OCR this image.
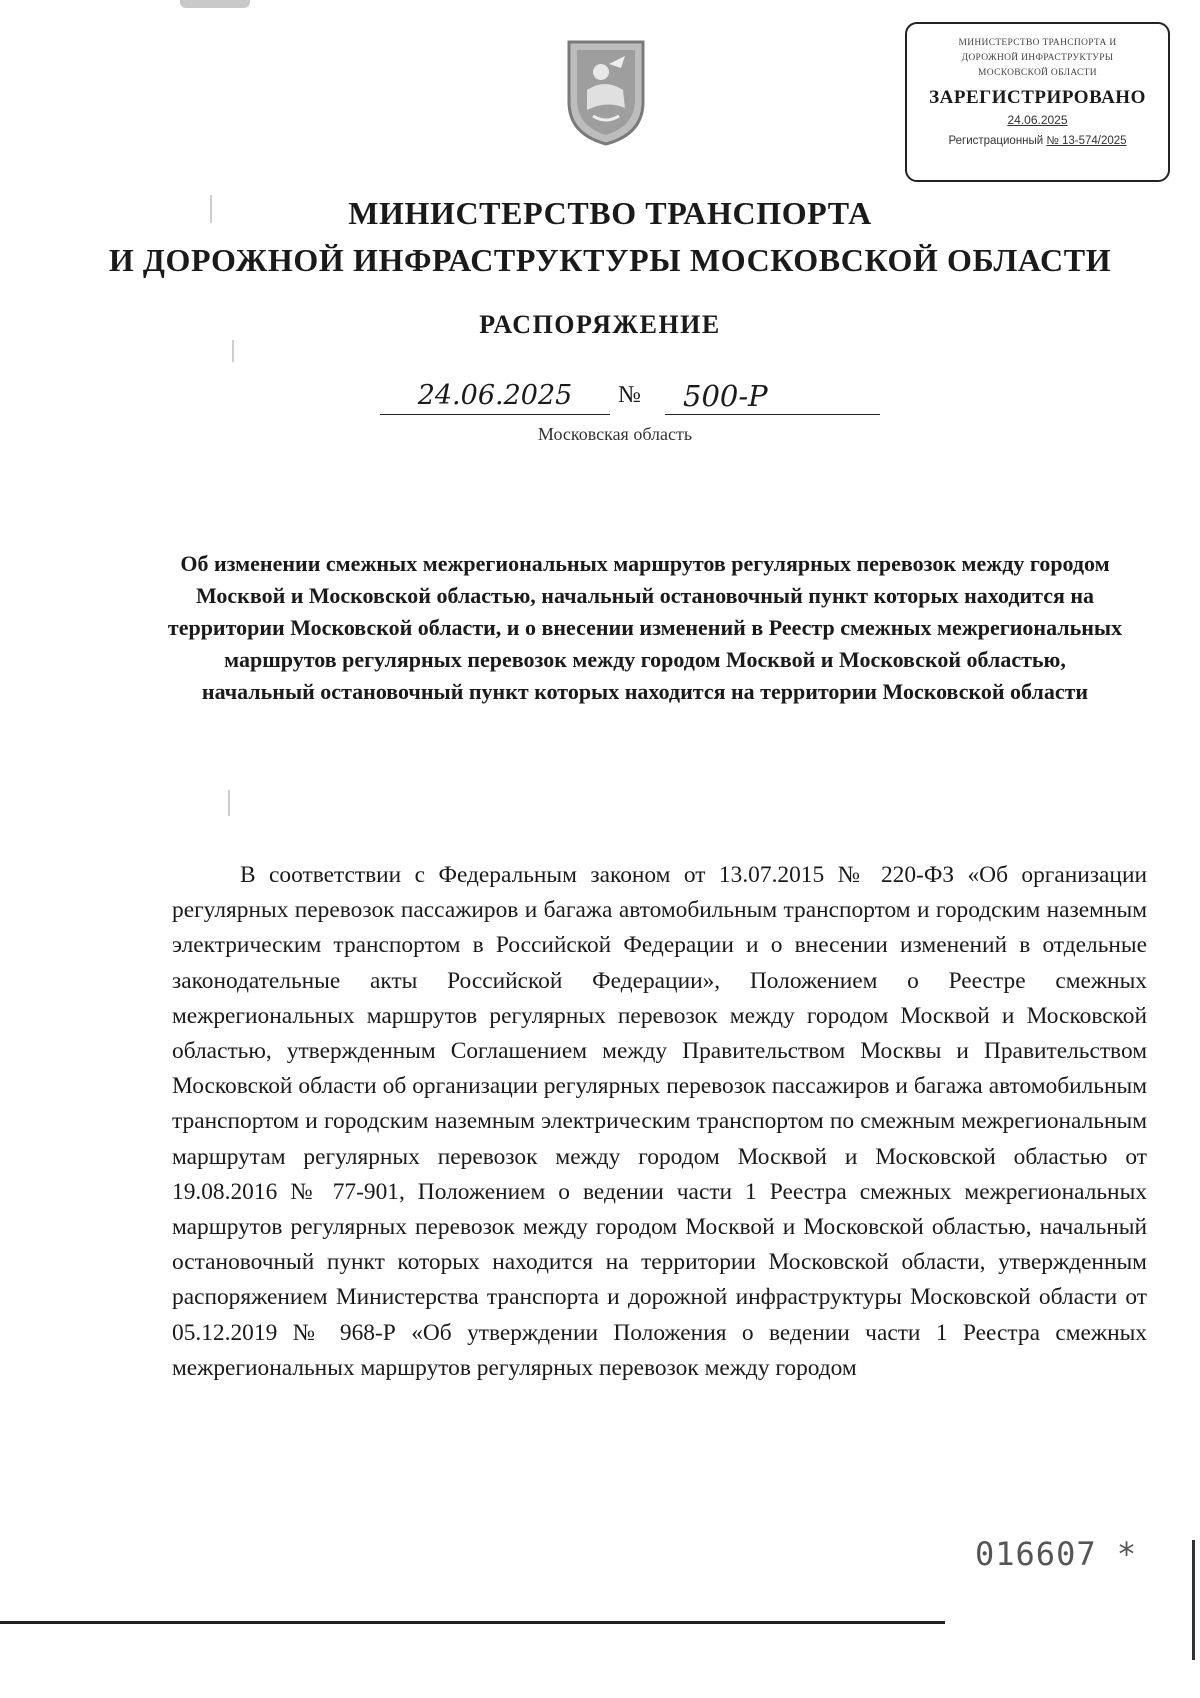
МИНИСТЕРСТВО ТРАНСПОРТА И
ДОРОЖНОЙ ИНФРАСТРУКТУРЫ
МОСКОВСКОЙ ОБЛАСТИ
ЗАРЕГИСТРИРОВАНО
24.06.2025
Регистрационный № 13-574/2025
МИНИСТЕРСТВО ТРАНСПОРТА
И ДОРОЖНОЙ ИНФРАСТРУКТУРЫ МОСКОВСКОЙ ОБЛАСТИ
РАСПОРЯЖЕНИЕ
24.06.2025	№	500-Р
Московская область
Об изменении смежных межрегиональных маршрутов регулярных перевозок между городом Москвой и Московской областью, начальный остановочный пункт которых находится на территории Московской области, и о внесении изменений в Реестр смежных межрегиональных маршрутов регулярных перевозок между городом Москвой и Московской областью, начальный остановочный пункт которых находится на территории Московской области
В соответствии с Федеральным законом от 13.07.2015 № 220-ФЗ «Об организации регулярных перевозок пассажиров и багажа автомобильным транспортом и городским наземным электрическим транспортом в Российской Федерации и о внесении изменений в отдельные законодательные акты Российской Федерации», Положением о Реестре смежных межрегиональных маршрутов регулярных перевозок между городом Москвой и Московской областью, утвержденным Соглашением между Правительством Москвы и Правительством Московской области об организации регулярных перевозок пассажиров и багажа автомобильным транспортом и городским наземным электрическим транспортом по смежным межрегиональным маршрутам регулярных перевозок между городом Москвой и Московской областью от 19.08.2016 № 77-901, Положением о ведении части 1 Реестра смежных межрегиональных маршрутов регулярных перевозок между городом Москвой и Московской областью, начальный остановочный пункт которых находится на территории Московской области, утвержденным распоряжением Министерства транспорта и дорожной инфраструктуры Московской области от 05.12.2019 № 968-Р «Об утверждении Положения о ведении части 1 Реестра смежных межрегиональных маршрутов регулярных перевозок между городом
016607 *
